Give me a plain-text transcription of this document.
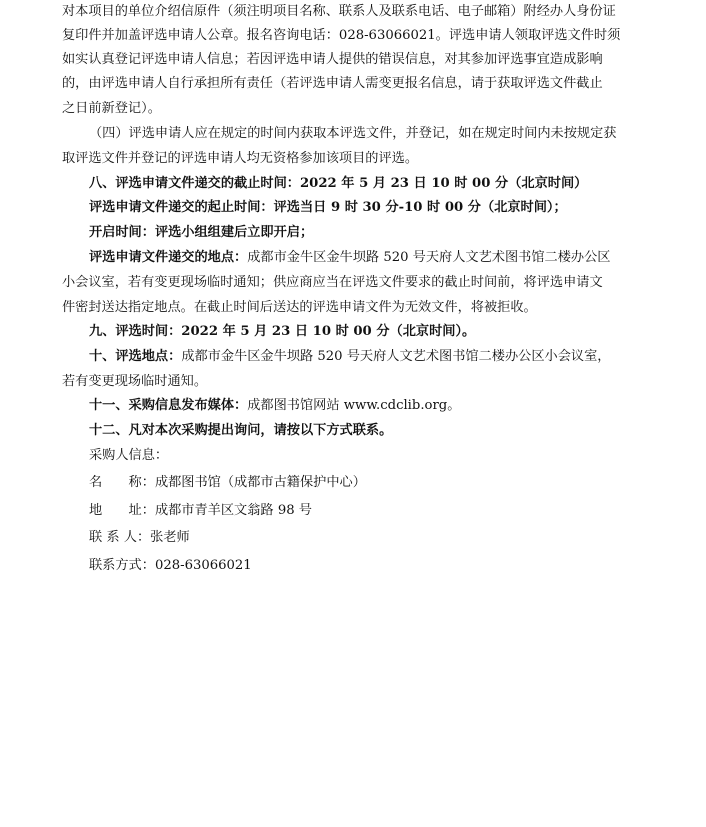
对本项目的单位介绍信原件（须注明项目名称、联系人及联系电话、电子邮箱）附经办人身份证
复印件并加盖评选申请人公章。报名咨询电话：028-63066021。评选申请人领取评选文件时须
如实认真登记评选申请人信息；若因评选申请人提供的错误信息，对其参加评选事宜造成影响
的，由评选申请人自行承担所有责任（若评选申请人需变更报名信息，请于获取评选文件截止
之日前新登记）。
（四）评选申请人应在规定的时间内获取本评选文件，并登记，如在规定时间内未按规定获
取评选文件并登记的评选申请人均无资格参加该项目的评选。
八、评选申请文件递交的截止时间：2022 年 5 月 23 日 10 时 00 分（北京时间）
评选申请文件递交的起止时间：评选当日 9 时 30 分-10 时 00 分（北京时间）；
开启时间：评选小组组建后立即开启；
评选申请文件递交的地点：成都市金牛区金牛坝路 520 号天府人文艺术图书馆二楼办公区
小会议室，若有变更现场临时通知；供应商应当在评选文件要求的截止时间前，将评选申请文
件密封送达指定地点。在截止时间后送达的评选申请文件为无效文件，将被拒收。
九、评选时间：2022 年 5 月 23 日 10 时 00 分（北京时间）。
十、评选地点：成都市金牛区金牛坝路 520 号天府人文艺术图书馆二楼办公区小会议室，
若有变更现场临时通知。
十一、采购信息发布媒体：成都图书馆网站 www.cdclib.org。
十二、凡对本次采购提出询问，请按以下方式联系。
采购人信息：
名　　称：成都图书馆（成都市古籍保护中心）
地　　址：成都市青羊区文翁路 98 号
联 系 人：张老师
联系方式：028-63066021
